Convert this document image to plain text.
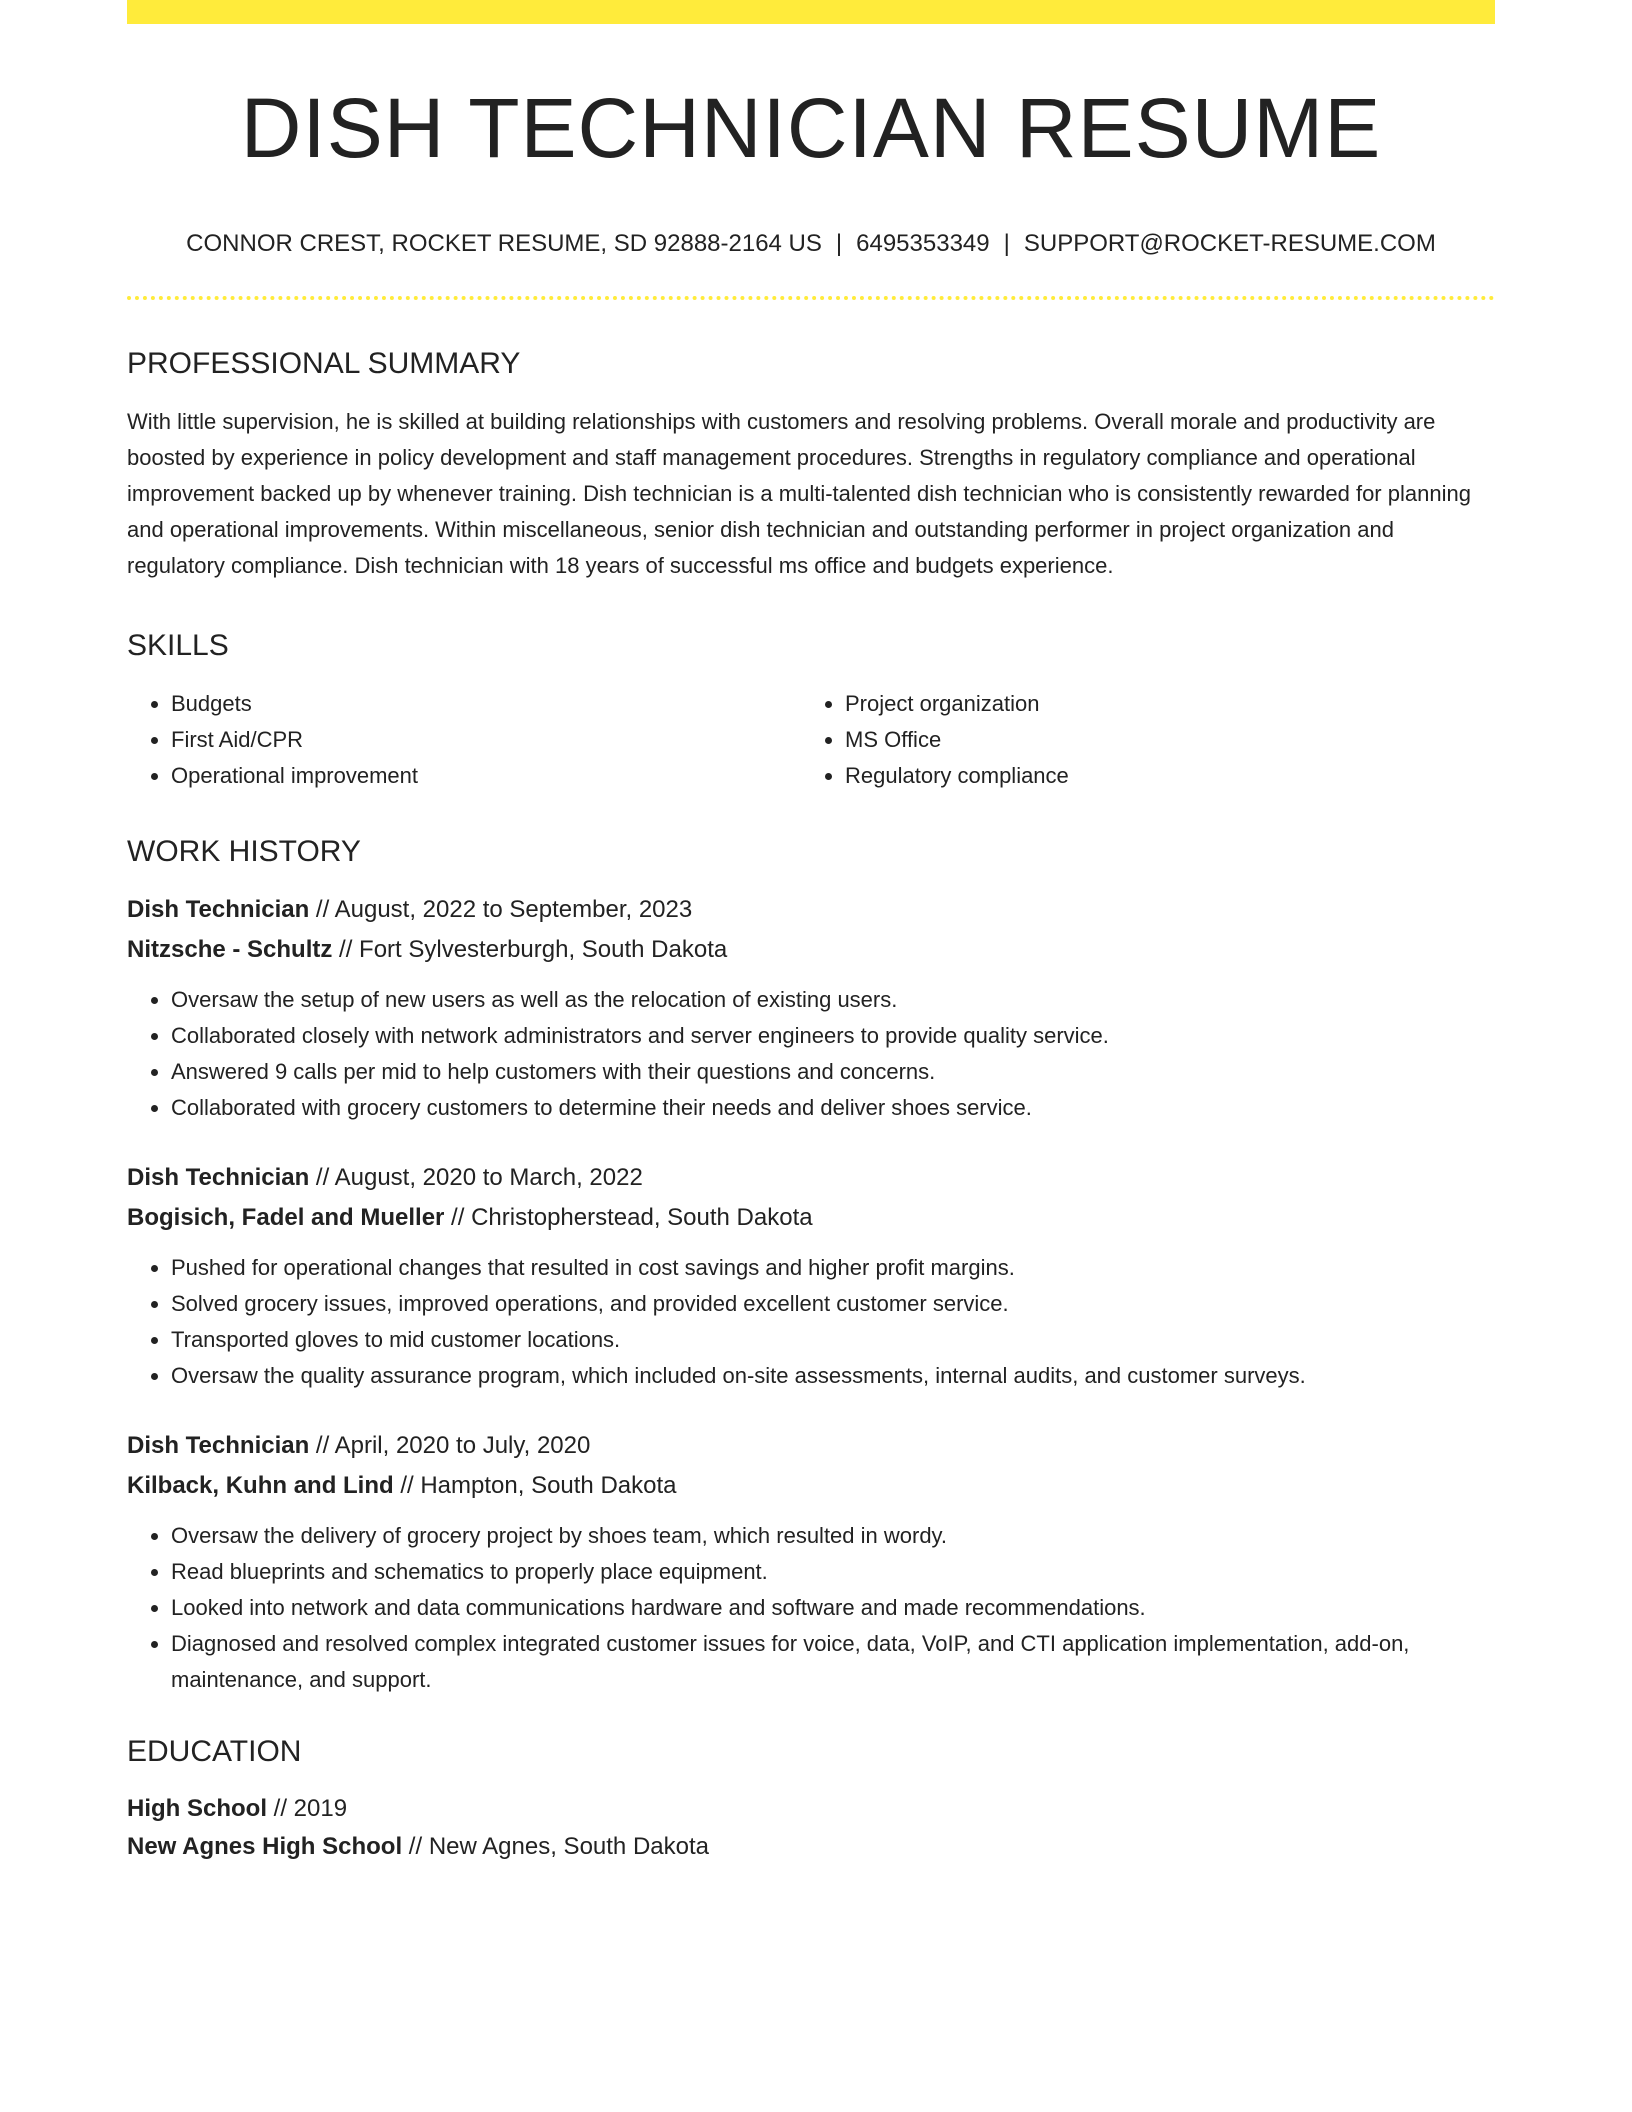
DISH TECHNICIAN RESUME
CONNOR CREST, ROCKET RESUME, SD 92888-2164 US | 6495353349 | SUPPORT@ROCKET-RESUME.COM
PROFESSIONAL SUMMARY
With little supervision, he is skilled at building relationships with customers and resolving problems. Overall morale and productivity are boosted by experience in policy development and staff management procedures. Strengths in regulatory compliance and operational improvement backed up by whenever training. Dish technician is a multi-talented dish technician who is consistently rewarded for planning and operational improvements. Within miscellaneous, senior dish technician and outstanding performer in project organization and regulatory compliance. Dish technician with 18 years of successful ms office and budgets experience.
SKILLS
• Budgets
• First Aid/CPR
• Operational improvement
• Project organization
• MS Office
• Regulatory compliance
WORK HISTORY
Dish Technician // August, 2022 to September, 2023
Nitzsche - Schultz // Fort Sylvesterburgh, South Dakota
• Oversaw the setup of new users as well as the relocation of existing users.
• Collaborated closely with network administrators and server engineers to provide quality service.
• Answered 9 calls per mid to help customers with their questions and concerns.
• Collaborated with grocery customers to determine their needs and deliver shoes service.
Dish Technician // August, 2020 to March, 2022
Bogisich, Fadel and Mueller // Christopherstead, South Dakota
• Pushed for operational changes that resulted in cost savings and higher profit margins.
• Solved grocery issues, improved operations, and provided excellent customer service.
• Transported gloves to mid customer locations.
• Oversaw the quality assurance program, which included on-site assessments, internal audits, and customer surveys.
Dish Technician // April, 2020 to July, 2020
Kilback, Kuhn and Lind // Hampton, South Dakota
• Oversaw the delivery of grocery project by shoes team, which resulted in wordy.
• Read blueprints and schematics to properly place equipment.
• Looked into network and data communications hardware and software and made recommendations.
• Diagnosed and resolved complex integrated customer issues for voice, data, VoIP, and CTI application implementation, add-on, maintenance, and support.
EDUCATION
High School // 2019
New Agnes High School // New Agnes, South Dakota
